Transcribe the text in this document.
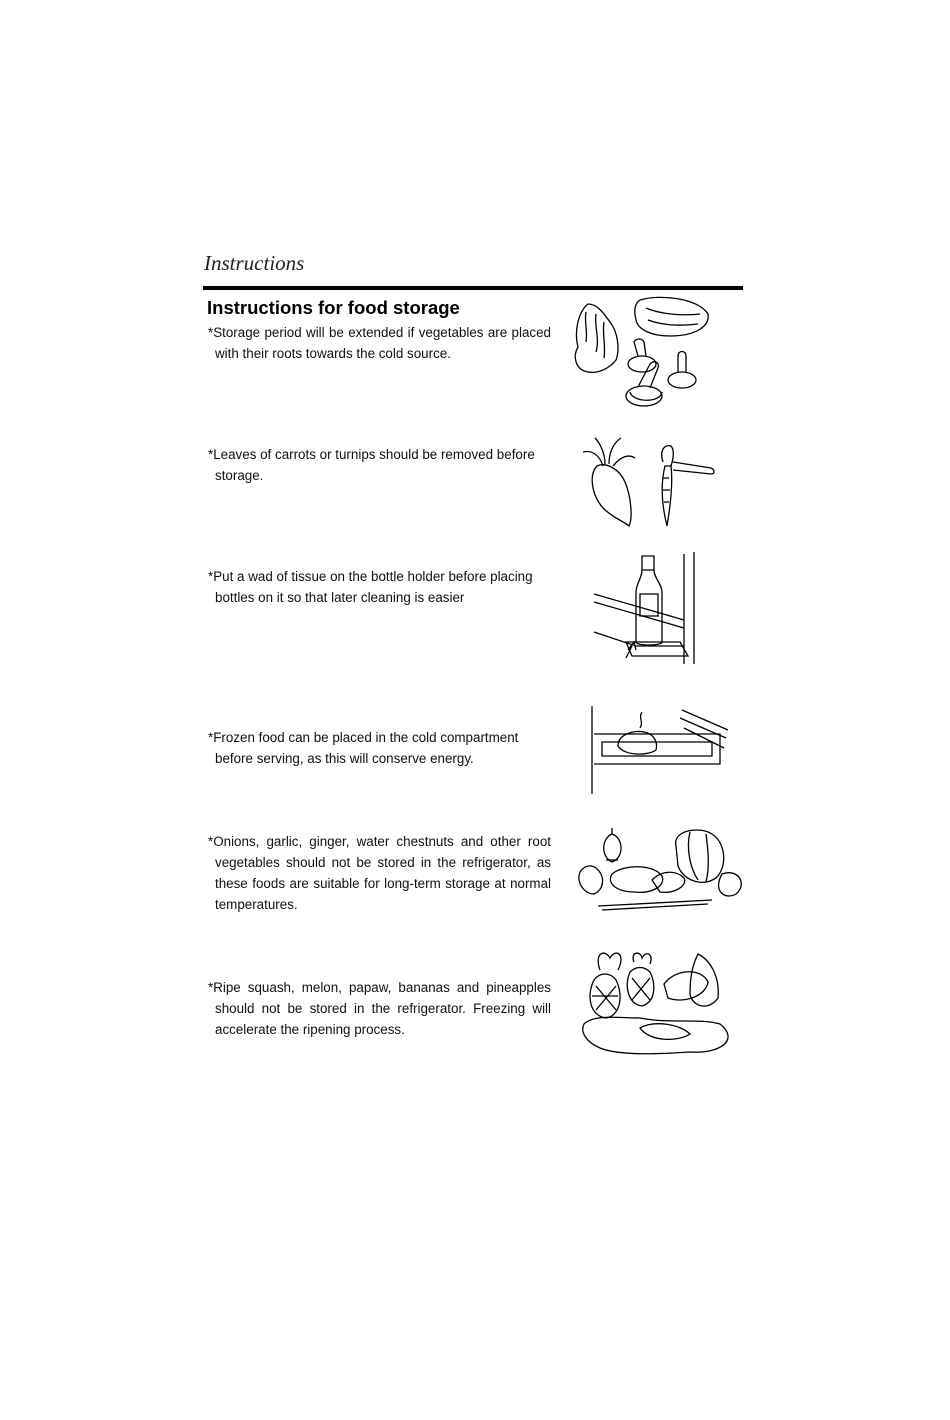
Instructions
Instructions for food storage
*Storage period will be extended if vegetables are placed with their roots towards the cold source.
*Leaves of carrots or turnips should be removed before storage.
*Put a wad of tissue on the bottle holder before placing bottles on it so that later cleaning is easier
*Frozen food can be placed in the cold compartment before serving, as this will conserve energy.
*Onions, garlic, ginger, water chestnuts and other root vegetables should not be stored in the refrigerator, as these foods are suitable for long-term storage at normal temperatures.
*Ripe squash, melon, papaw, bananas and pineapples should not be stored in the refrigerator. Freezing will accelerate the ripening process.
